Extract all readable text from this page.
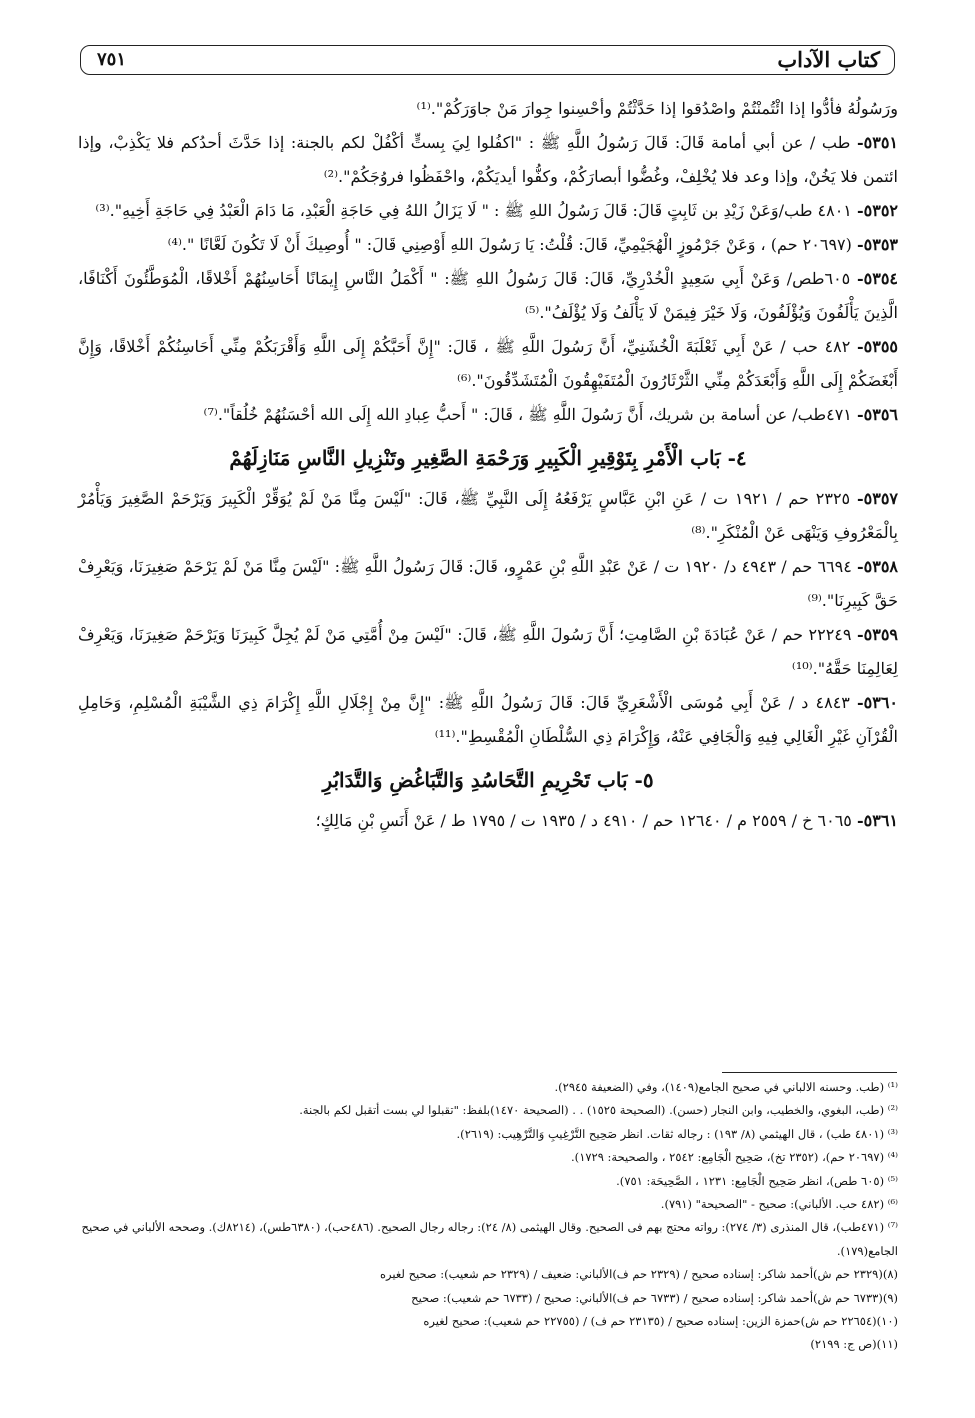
كتاب الآداب
٧٥١

ورَسُولُهُ فأدُّوا إذا ائْتُمنْتُمْ واصْدُقوا إذا حَدَّثْتُمْ وأحْسِنوا جِوارَ مَنْ جاوَرَكُمْ".⁽¹⁾

٥٣٥١- طب / عن أبي أمامة قَالَ: قَالَ رَسُولُ اللَّهِ ﷺ : "اكفُلوا لِيَ بِستٍّ أكْفُلْ لكم بالجنة: إذا حَدَّثَ أحدُكم فلا يَكْذِبْ، وإذا ائتمن فلا يَخُنْ، وإذا وعد فلا يُخْلِفْ، وغُضُّوا أبصارَكُمْ، وكفُّوا أيديَكُمْ، واحْفَظُوا فروُجَكُمْ".⁽²⁾

٥٣٥٢- ٤٨٠١ طب/وَعَنْ زَيْدِ بن ثَابِتٍ قَالَ: قَالَ رَسُولُ اللهِ ﷺ : " لَا يَزَالُ اللهُ فِي حَاجَةِ الْعَبْدِ، مَا دَامَ الْعَبْدُ فِي حَاجَةِ أَخِيهِ".⁽³⁾

٥٣٥٣- (٢٠٦٩٧ حم) ، وَعَنْ جَرْمُوزٍ الْهُجَيْمِيِّ، قَالَ: قُلْتُ: يَا رَسُولَ اللهِ أَوْصِنِي قَالَ: " أُوصِيكَ أَنْ لَا تَكُونَ لَعَّانًا ".⁽⁴⁾

٥٣٥٤- ٦٠٥طص/ وَعَنْ أَبِي سَعِيدٍ الْخُدْرِيِّ، قَالَ: قَالَ رَسُولُ اللهِ ﷺ: " أَكْمَلُ النَّاسِ إِيمَانًا أَحَاسِنُهُمْ أَخْلاقًا، الْمُوَطَّئُونَ أَكْنَافًا، الَّذِينَ يَأْلَفُونَ وَيُؤْلَفُونَ، وَلَا خَيْرَ فِيمَنْ لَا يَأْلَفُ وَلَا يُؤْلَفُ".⁽⁵⁾

٥٣٥٥- ٤٨٢ حب / عَنْ أَبِي ثَعْلَبَةَ الْخُشَنِيِّ، أَنَّ رَسُولَ اللَّهِ ﷺ ، قَالَ: "إِنَّ أَحَبَّكُمْ إِلَى اللَّهِ وَأَقْرَبَكُمْ مِنِّي أَحَاسِنُكُمْ أَخْلاقًا، وَإِنَّ أَبْغَضَكُمْ إِلَى اللَّهِ وَأَبْعَدَكُمْ مِنِّي الثَّرْثَارُونَ الْمُتَفَيْهِقُونَ الْمُتَشَدِّقُونَ".⁽⁶⁾

٥٣٥٦- ٤٧١طب/ عن أسامة بن شريك، أَنَّ رَسُولَ اللَّهِ ﷺ ، قَالَ: " أَحبُّ عِبادِ الله إِلَى الله أحْسَنُهُمْ خُلُقاً".⁽⁷⁾

٤- بَاب الْأَمْرِ بِتَوْقِيرِ الْكَبِيرِ وَرَحْمَةِ الصَّغِيرِ وتَنْزِيلِ النَّاسِ مَنَازِلَهُمْ

٥٣٥٧- ٢٣٢٥ حم / ١٩٢١ ت / عَنِ ابْنِ عَبَّاسٍ يَرْفَعُهُ إِلَى النَّبِيِّ ﷺ، قَالَ: "لَيْسَ مِنَّا مَنْ لَمْ يُوَقِّرْ الْكَبِيرَ وَيَرْحَمْ الصَّغِيرَ وَيَأْمُرْ بِالْمَعْرُوفِ وَيَنْهَى عَنْ الْمُنْكَرِ".⁽⁸⁾

٥٣٥٨- ٦٦٩٤ حم / ٤٩٤٣ د/ ١٩٢٠ ت / عَنْ عَبْدِ اللَّهِ بْنِ عَمْرٍو، قَالَ: قَالَ رَسُولُ اللَّهِ ﷺ: "لَيْسَ مِنَّا مَنْ لَمْ يَرْحَمْ صَغِيرَنَا، وَيَعْرِفْ حَقَّ كَبِيرِنَا".⁽⁹⁾

٥٣٥٩- ٢٢٢٤٩ حم / عَنْ عُبَادَةَ بْنِ الصَّامِتِ؛ أَنَّ رَسُولَ اللَّهِ ﷺ، قَالَ: "لَيْسَ مِنْ أُمَّتِي مَنْ لَمْ يُجِلَّ كَبِيرَنَا وَيَرْحَمْ صَغِيرَنَا، وَيَعْرِفْ لِعَالِمِنَا حَقَّهُ".⁽¹⁰⁾

٥٣٦٠- ٤٨٤٣ د / عَنْ أَبِي مُوسَى الْأَشْعَرِيِّ قَالَ: قَالَ رَسُولُ اللَّهِ ﷺ: "إِنَّ مِنْ إِجْلَالِ اللَّهِ إِكْرَامَ ذِي الشَّيْبَةِ الْمُسْلِمِ، وَحَامِلِ الْقُرْآنِ غَيْرِ الْغَالِي فِيهِ وَالْجَافِي عَنْهُ، وَإِكْرَامَ ذِي السُّلْطَانِ الْمُقْسِطِ".⁽¹¹⁾

٥- بَاب تَحْرِيمِ التَّحَاسُدِ وَالتَّبَاغُضِ وَالتَّدَابُرِ

٥٣٦١- ٦٠٦٥ خ / ٢٥٥٩ م / ١٢٦٤٠ حم / ٤٩١٠ د / ١٩٣٥ ت / ١٧٩٥ ط / عَنْ أَنَسِ بْنِ مَالِكٍ؛

⁽¹⁾ (طب. وحسنه الالباني في صحيح الجامع(١٤٠٩)، وفي (الضعيفة ٢٩٤٥).

⁽²⁾ (طب، البغوي، والخطيب، وابن النجار (حسن). (الصحيحة ١٥٢٥) . . (الصحيحة ١٤٧٠)بلفظ: "تقبلوا لي بست أتقبل لكم بالجنة.

⁽³⁾ (٤٨٠١ طب) ، قال الهيثمي (٨/ ١٩٣) : رجاله ثقات. انظر صَحِيح التَّرْغِيبِ وَالتَّرْهِيب: (٢٦١٩).

⁽⁴⁾ (٢٠٦٩٧ حم)، (٢٣٥٢ تخ)، صَحِيح الْجَامِع: ٢٥٤٢ ، والصحيحة: ١٧٢٩).

⁽⁵⁾ (٦٠٥ طص)، انظر صَحِيح الْجَامِع: ١٢٣١ ، الصَّحِيحَة: ٧٥١).

⁽⁶⁾ (٤٨٢ حب. الألباني): صحيح - "الصحيحة" (٧٩١).

⁽⁷⁾ (٤٧١طب)، قال المنذرى (٣/ ٢٧٤): رواته محتج بهم فى الصحيح. وقال الهيثمى (٨/ ٢٤): رجاله رجال الصحيح. (٤٨٦حب)، (٦٣٨٠طس)، (٨٢١٤ك). وصححه الألباني في صحيح الجامع(١٧٩).

(٨)(٢٣٢٩ حم ش)أحمد شاكر: إسناده صحيح / (٢٣٢٩ حم ف)الألباني: ضعيف / (٢٣٢٩ حم شعيب): صحيح لغيره

(٩)(٦٧٣٣ حم ش)أحمد شاكر: إسناده صحيح / (٦٧٣٣ حم ف)الألباني: صحيح / (٦٧٣٣ حم شعيب): صحيح

(١٠)(٢٢٦٥٤ حم ش)حمزة الزين: إسناده صحيح / (٢٣١٣٥ حم ف) / (٢٢٧٥٥ حم شعيب): صحيح لغيره

(١١)(ص ج: ٢١٩٩)
